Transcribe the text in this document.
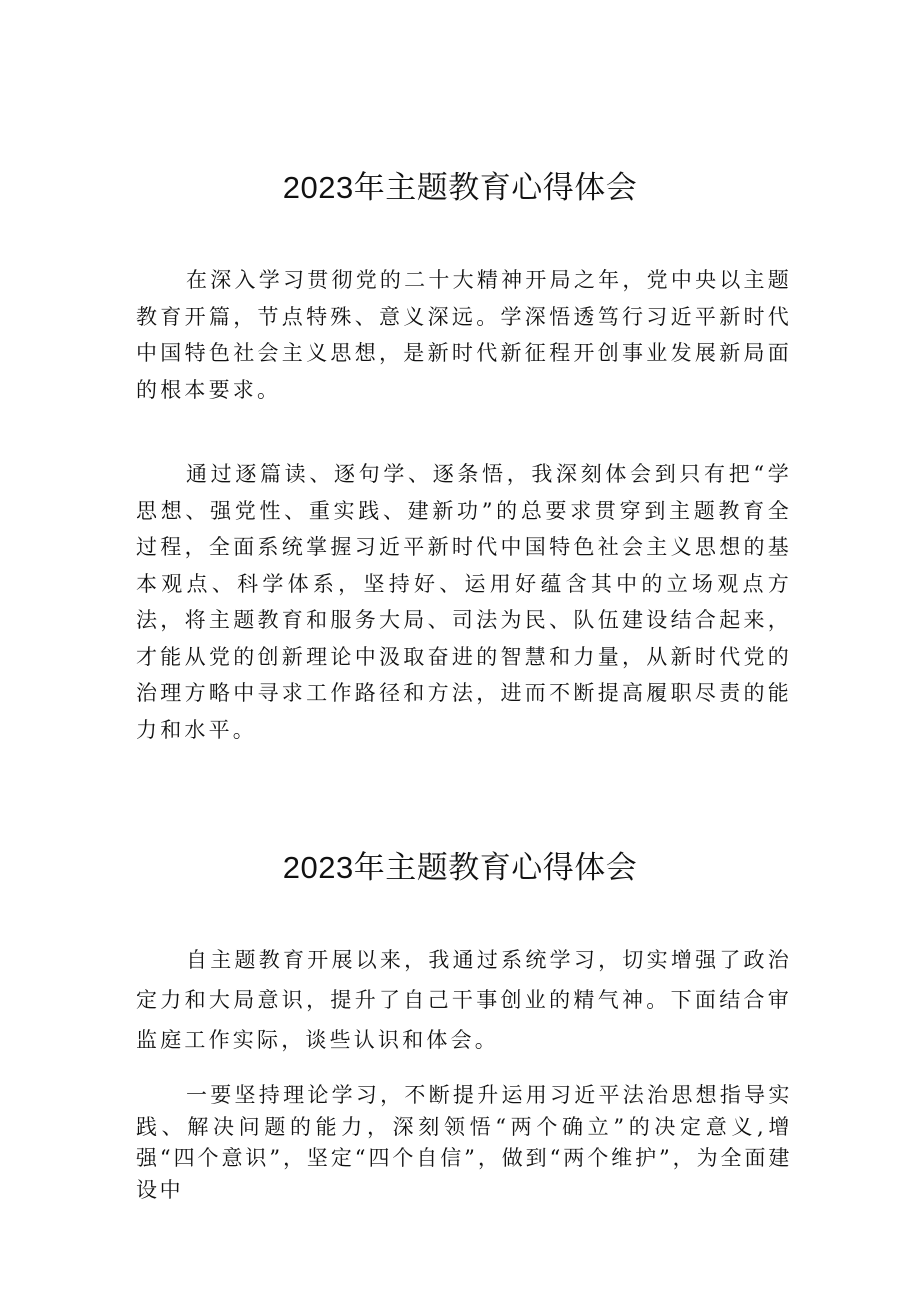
2023年主题教育心得体会

在深入学习贯彻党的二十大精神开局之年，党中央以主题教育开篇，节点特殊、意义深远。学深悟透笃行习近平新时代中国特色社会主义思想，是新时代新征程开创事业发展新局面的根本要求。

通过逐篇读、逐句学、逐条悟，我深刻体会到只有把“学思想、强党性、重实践、建新功”的总要求贯穿到主题教育全过程，全面系统掌握习近平新时代中国特色社会主义思想的基本观点、科学体系，坚持好、运用好蕴含其中的立场观点方法，将主题教育和服务大局、司法为民、队伍建设结合起来，才能从党的创新理论中汲取奋进的智慧和力量，从新时代党的治理方略中寻求工作路径和方法，进而不断提高履职尽责的能力和水平。

2023年主题教育心得体会

自主题教育开展以来，我通过系统学习，切实增强了政治定力和大局意识，提升了自己干事创业的精气神。下面结合审监庭工作实际，谈些认识和体会。

一要坚持理论学习，不断提升运用习近平法治思想指导实践、解决问题的能力，深刻领悟“两个确立”的决定意义,增强“四个意识”，坚定“四个自信”，做到“两个维护”，为全面建设中
